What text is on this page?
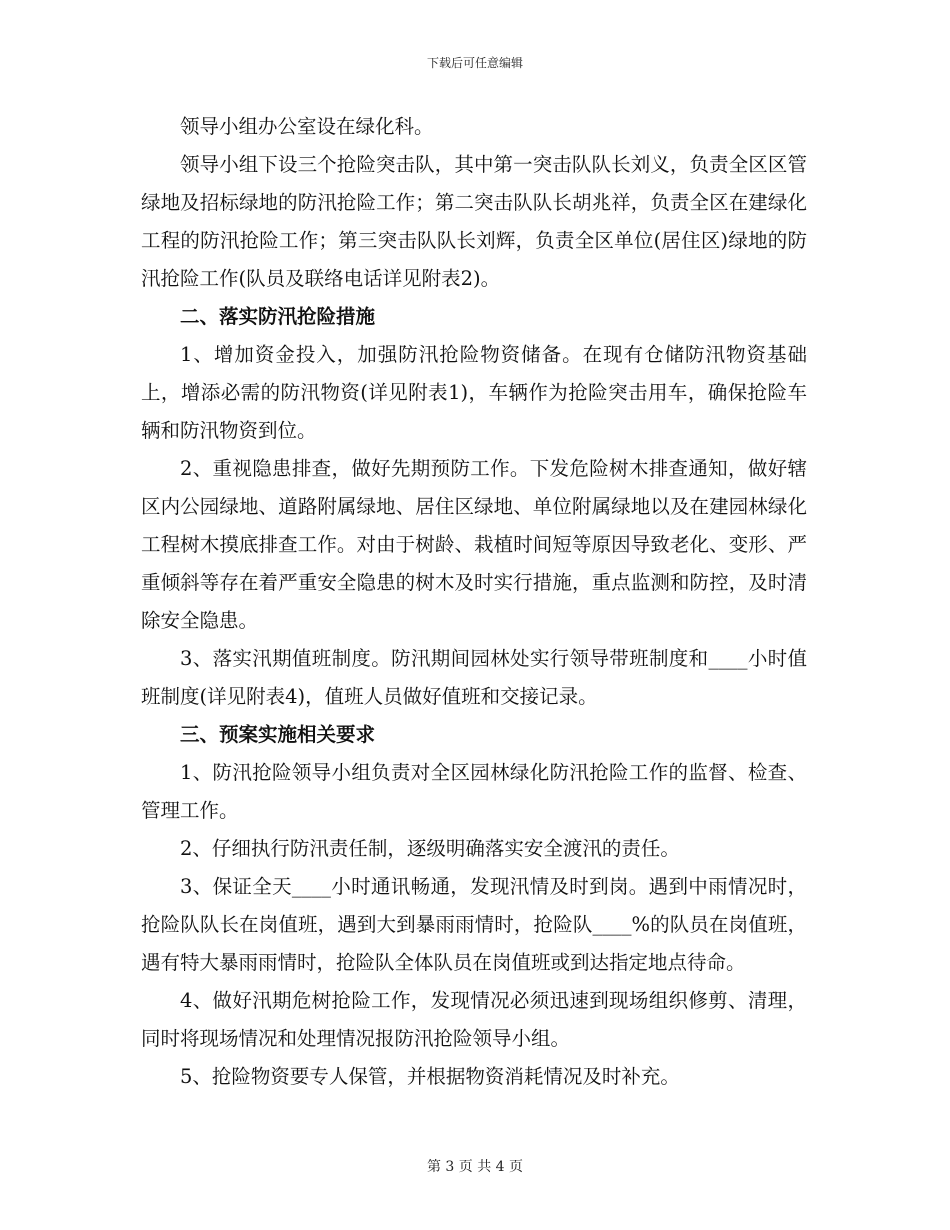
下载后可任意编辑

领导小组办公室设在绿化科。

领导小组下设三个抢险突击队，其中第一突击队队长刘义，负责全区区管绿地及招标绿地的防汛抢险工作；第二突击队队长胡兆祥，负责全区在建绿化工程的防汛抢险工作；第三突击队队长刘辉，负责全区单位(居住区)绿地的防汛抢险工作(队员及联络电话详见附表2)。

二、落实防汛抢险措施

1、增加资金投入，加强防汛抢险物资储备。在现有仓储防汛物资基础上，增添必需的防汛物资(详见附表1)，车辆作为抢险突击用车，确保抢险车辆和防汛物资到位。

2、重视隐患排查，做好先期预防工作。下发危险树木排查通知，做好辖区内公园绿地、道路附属绿地、居住区绿地、单位附属绿地以及在建园林绿化工程树木摸底排查工作。对由于树龄、栽植时间短等原因导致老化、变形、严重倾斜等存在着严重安全隐患的树木及时实行措施，重点监测和防控，及时清除安全隐患。

3、落实汛期值班制度。防汛期间园林处实行领导带班制度和____小时值班制度(详见附表4)，值班人员做好值班和交接记录。

三、预案实施相关要求

1、防汛抢险领导小组负责对全区园林绿化防汛抢险工作的监督、检查、管理工作。

2、仔细执行防汛责任制，逐级明确落实安全渡汛的责任。

3、保证全天____小时通讯畅通，发现汛情及时到岗。遇到中雨情况时，抢险队队长在岗值班，遇到大到暴雨雨情时，抢险队____%的队员在岗值班，遇有特大暴雨雨情时，抢险队全体队员在岗值班或到达指定地点待命。

4、做好汛期危树抢险工作，发现情况必须迅速到现场组织修剪、清理，同时将现场情况和处理情况报防汛抢险领导小组。

5、抢险物资要专人保管，并根据物资消耗情况及时补充。

第 3 页 共 4 页
